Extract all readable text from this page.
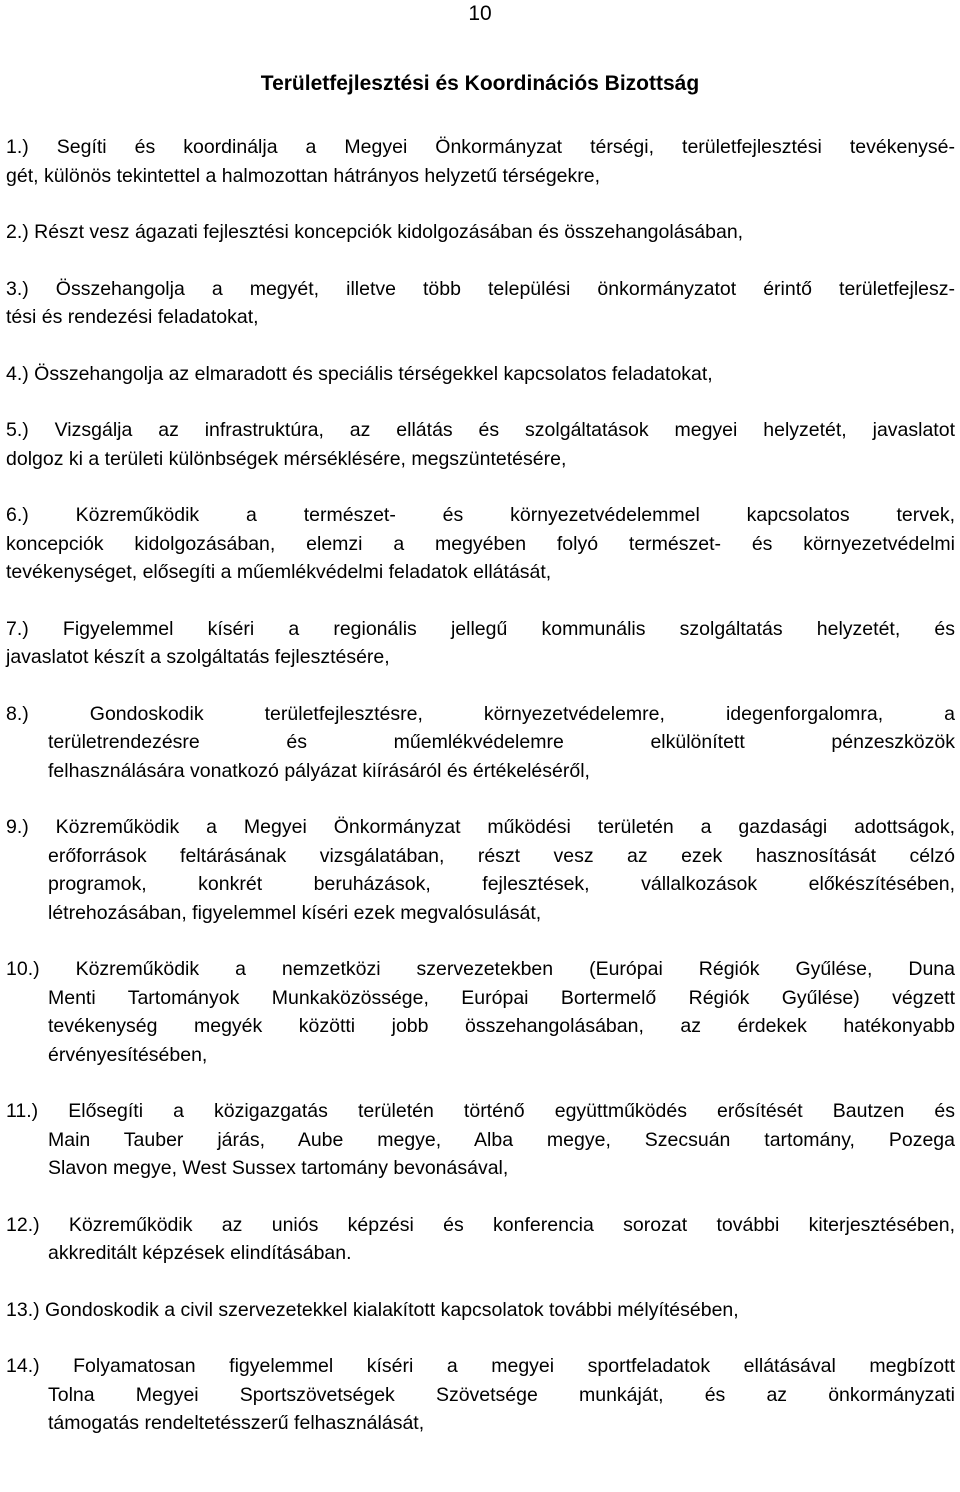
10
Területfejlesztési és Koordinációs Bizottság
1.) Segíti és koordinálja a Megyei Önkormányzat térségi, területfejlesztési tevékenysé-
gét, különös tekintettel a halmozottan hátrányos helyzetű térségekre,
2.) Részt vesz ágazati fejlesztési koncepciók kidolgozásában és összehangolásában,
3.) Összehangolja a megyét, illetve több települési önkormányzatot érintő területfejlesz-
tési és rendezési feladatokat,
4.) Összehangolja az elmaradott és speciális térségekkel kapcsolatos feladatokat,
5.) Vizsgálja az infrastruktúra, az ellátás és szolgáltatások megyei helyzetét, javaslatot
dolgoz ki a területi különbségek mérséklésére, megszüntetésére,
6.) Közreműködik a természet- és környezetvédelemmel kapcsolatos tervek,
koncepciók kidolgozásában, elemzi a megyében folyó természet- és környezetvédelmi
tevékenységet, elősegíti a műemlékvédelmi feladatok ellátását,
7.) Figyelemmel kíséri a regionális jellegű kommunális szolgáltatás helyzetét, és
javaslatot készít a szolgáltatás fejlesztésére,
8.) Gondoskodik területfejlesztésre, környezetvédelemre, idegenforgalomra, a
területrendezésre és műemlékvédelemre elkülönített pénzeszközök
felhasználására vonatkozó pályázat kiírásáról és értékeléséről,
9.) Közreműködik a Megyei Önkormányzat működési területén a gazdasági adottságok,
erőforrások feltárásának vizsgálatában, részt vesz az ezek hasznosítását célzó
programok, konkrét beruházások, fejlesztések, vállalkozások előkészítésében,
létrehozásában, figyelemmel kíséri ezek megvalósulását,
10.) Közreműködik a nemzetközi szervezetekben (Európai Régiók Gyűlése, Duna
Menti Tartományok Munkaközössége, Európai Bortermelő Régiók Gyűlése) végzett
tevékenység megyék közötti jobb összehangolásában, az érdekek hatékonyabb
érvényesítésében,
11.) Elősegíti a közigazgatás területén történő együttműködés erősítését Bautzen és
Main Tauber járás, Aube megye, Alba megye, Szecsuán tartomány, Pozega
Slavon megye, West Sussex tartomány bevonásával,
12.) Közreműködik az uniós képzési és konferencia sorozat további kiterjesztésében,
akkreditált képzések elindításában.
13.) Gondoskodik a civil szervezetekkel kialakított kapcsolatok további mélyítésében,
14.) Folyamatosan figyelemmel kíséri a megyei sportfeladatok ellátásával megbízott
Tolna Megyei Sportszövetségek Szövetsége munkáját, és az önkormányzati
támogatás rendeltetésszerű felhasználását,
